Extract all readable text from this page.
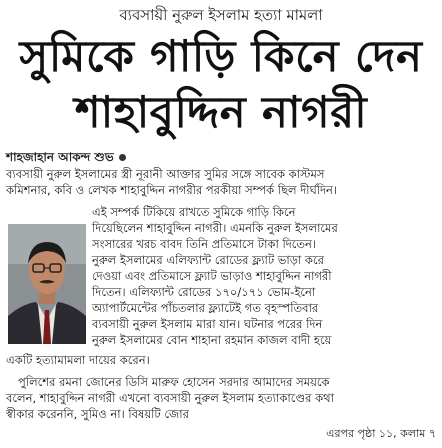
ব্যবসায়ী নুরুল ইসলাম হত্যা মামলা
সুমিকে গাড়ি কিনে দেন
শাহাবুদ্দিন নাগরী
শাহজাহান আকন্দ শুভ
ব্যবসায়ী নুরুল ইসলামের স্ত্রী নূরানী আক্তার সুমির সঙ্গে সাবেক কাস্টমস
কমিশনার, কবি ও লেখক শাহাবুদ্দিন নাগরীর পরকীয়া সম্পর্ক ছিল দীর্ঘদিন।
এই সম্পর্ক টিকিয়ে রাখতে সুমিকে গাড়ি কিনে
দিয়েছিলেন শাহাবুদ্দিন নাগরী। এমনকি নুরুল ইসলামের
সংসারের খরচ বাবদ তিনি প্রতিমাসে টাকা দিতেন।
নুরুল ইসলামের এলিফ্যান্ট রোডের ফ্ল্যাট ভাড়া করে
দেওয়া এবং প্রতিমাসে ফ্ল্যাট ভাড়াও শাহাবুদ্দিন নাগরী
দিতেন। এলিফ্যান্ট রোডের ১৭০/১৭১ ভোম-ইনো
অ্যাপার্টমেন্টের পাঁচতলার ফ্ল্যাটেই গত বৃহস্পতিবার
ব্যবসায়ী নুরুল ইসলাম মারা যান। ঘটনার পরের দিন
নুরুল ইসলামের বোন শাহানা রহমান কাজল বাদী হয়ে
একটি হত্যামামলা দায়ের করেন।
পুলিশের রমনা জোনের ডিসি মারুফ হোসেন সরদার আমাদের সময়কে
বলেন, শাহাবুদ্দিন নাগরী এখনো ব্যবসায়ী নুরুল ইসলাম হত্যাকাণ্ডের কথা
স্বীকার করেননি, সুমিও না। বিষয়টি জোর
এরপর পৃষ্ঠা ১১, কলাম ৭
